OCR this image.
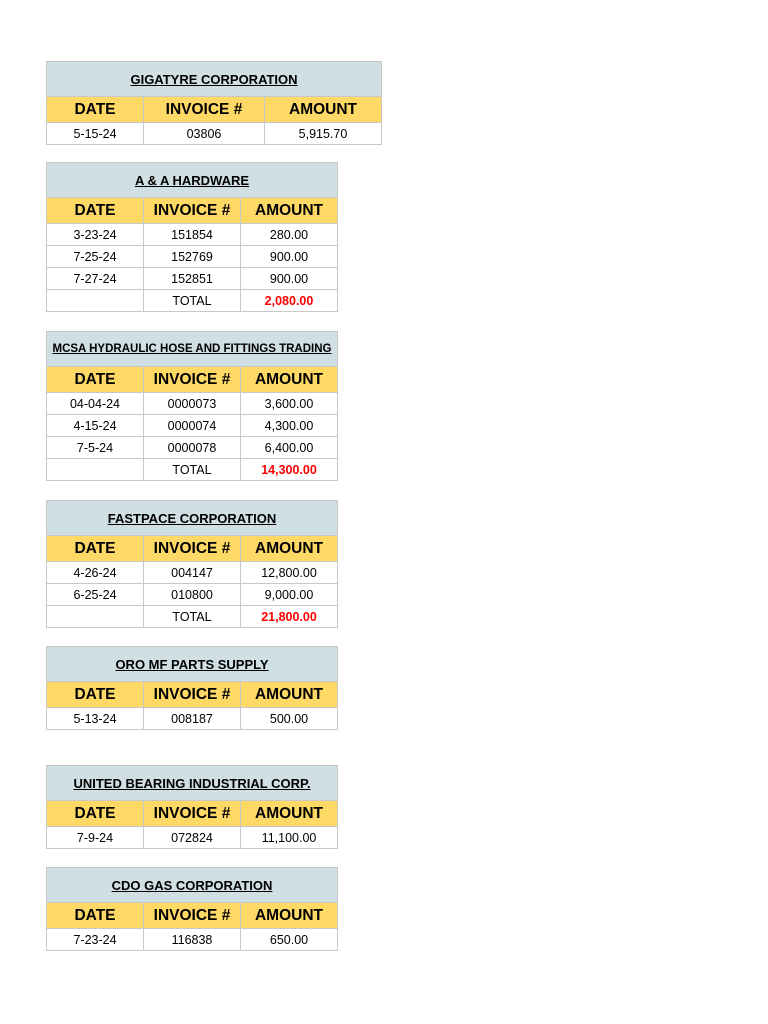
GIGATYRE CORPORATION		
DATE	INVOICE #	AMOUNT
5-15-24	03806	5,915.70
A & A HARDWARE		
DATE	INVOICE #	AMOUNT
3-23-24	151854	280.00
7-25-24	152769	900.00
7-27-24	152851	900.00
	TOTAL	2,080.00
MCSA HYDRAULIC HOSE AND FITTINGS TRADING		
DATE	INVOICE #	AMOUNT
04-04-24	0000073	3,600.00
4-15-24	0000074	4,300.00
7-5-24	0000078	6,400.00
	TOTAL	14,300.00
FASTPACE CORPORATION		
DATE	INVOICE #	AMOUNT
4-26-24	004147	12,800.00
6-25-24	010800	9,000.00
	TOTAL	21,800.00
ORO MF PARTS SUPPLY		
DATE	INVOICE #	AMOUNT
5-13-24	008187	500.00
UNITED BEARING INDUSTRIAL CORP.		
DATE	INVOICE #	AMOUNT
7-9-24	072824	11,100.00
CDO GAS CORPORATION		
DATE	INVOICE #	AMOUNT
7-23-24	116838	650.00
